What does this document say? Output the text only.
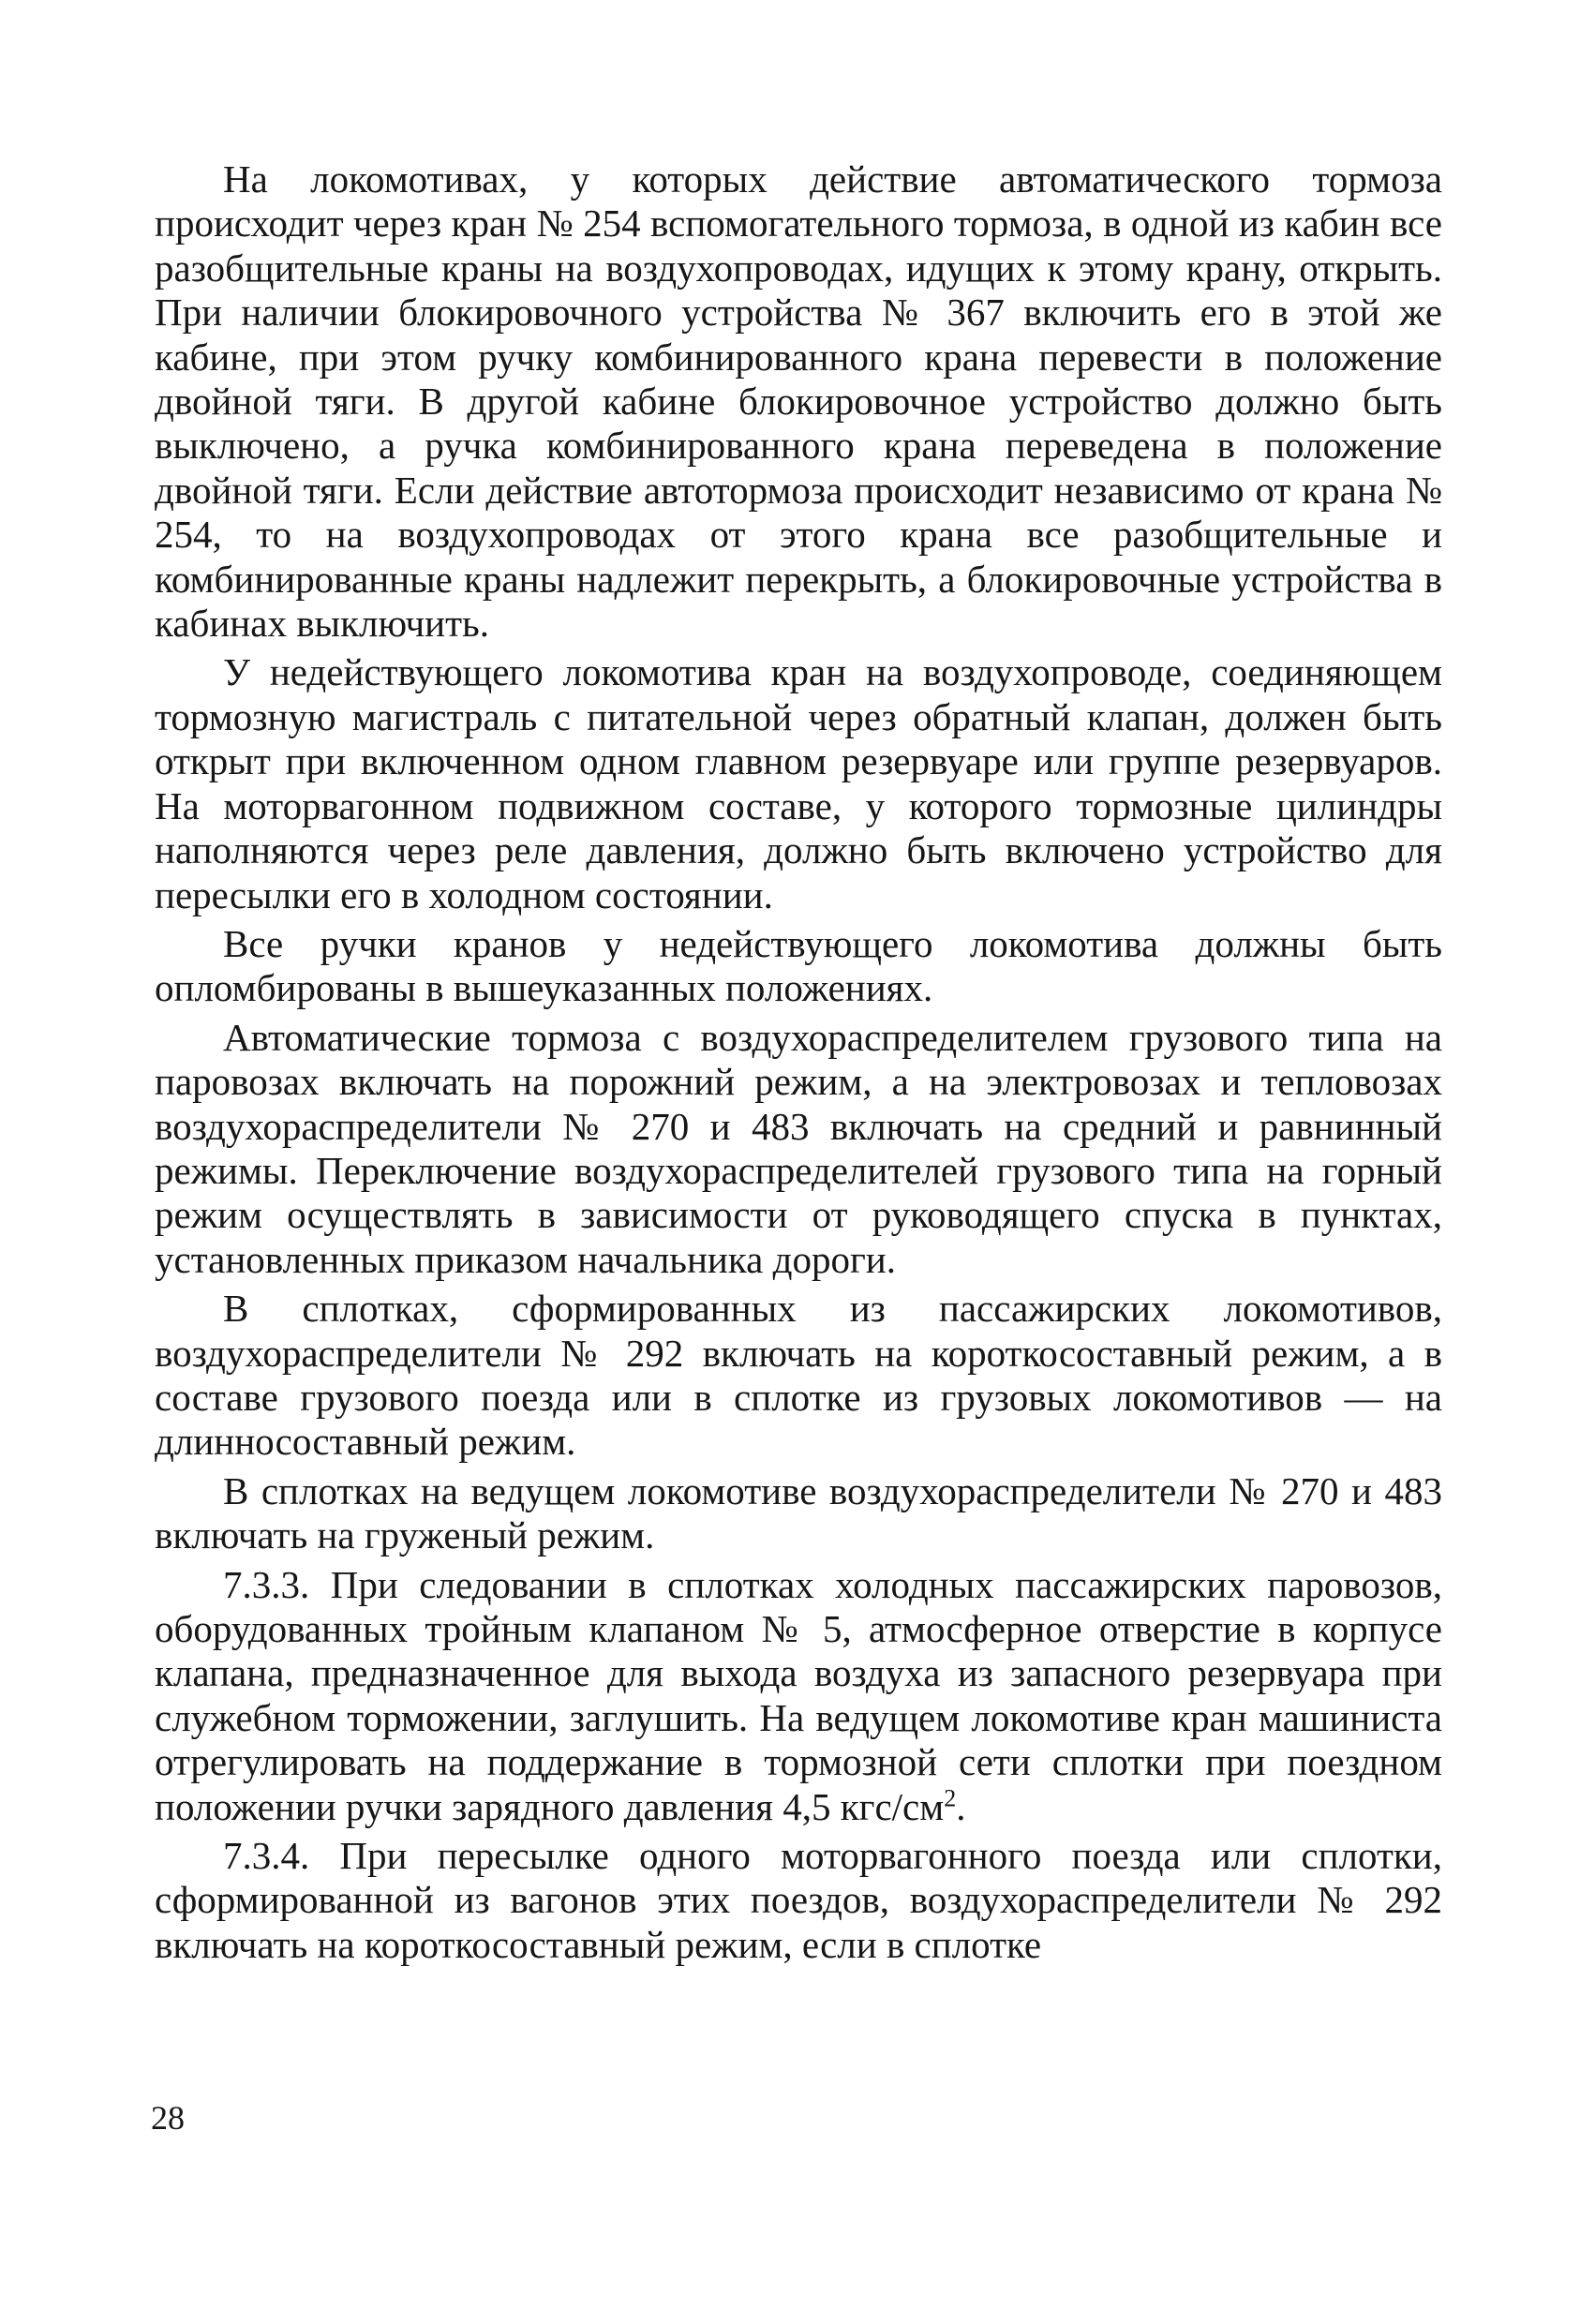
На локомотивах, у которых действие автоматического тормоза происходит через кран № 254 вспомогательного тормоза, в одной из кабин все разобщительные краны на воздухопроводах, идущих к этому крану, открыть. При наличии блокировочного устройства № 367 включить его в этой же кабине, при этом ручку комбинированного крана перевести в положение двойной тяги. В другой кабине блокировочное устройство должно быть выключено, а ручка комбинированного крана переведена в положение двойной тяги. Если действие автотормоза происходит независимо от крана № 254, то на воздухопроводах от этого крана все разобщительные и комбинированные краны надлежит перекрыть, а блокировочные устройства в кабинах выключить.

У недействующего локомотива кран на воздухопроводе, соединяющем тормозную магистраль с питательной через обратный клапан, должен быть открыт при включенном одном главном резервуаре или группе резервуаров. На моторвагонном подвижном составе, у которого тормозные цилиндры наполняются через реле давления, должно быть включено устройство для пересылки его в холодном состоянии.

Все ручки кранов у недействующего локомотива должны быть опломбированы в вышеуказанных положениях.

Автоматические тормоза с воздухораспределителем грузового типа на паровозах включать на порожний режим, а на электровозах и тепловозах воздухораспределители № 270 и 483 включать на средний и равнинный режимы. Переключение воздухораспределителей грузового типа на горный режим осуществлять в зависимости от руководящего спуска в пунктах, установленных приказом начальника дороги.

В сплотках, сформированных из пассажирских локомотивов, воздухораспределители № 292 включать на короткосоставный режим, а в составе грузового поезда или в сплотке из грузовых локомотивов — на длинносоставный режим.

В сплотках на ведущем локомотиве воздухораспределители № 270 и 483 включать на груженый режим.

7.3.3. При следовании в сплотках холодных пассажирских паровозов, оборудованных тройным клапаном № 5, атмосферное отверстие в корпусе клапана, предназначенное для выхода воздуха из запасного резервуара при служебном торможении, заглушить. На ведущем локомотиве кран машиниста отрегулировать на поддержание в тормозной сети сплотки при поездном положении ручки зарядного давления 4,5 кгс/$см^2$.

7.3.4. При пересылке одного моторвагонного поезда или сплотки, сформированной из вагонов этих поездов, воздухораспределители № 292 включать на короткосоставный режим, если в сплотке

28
